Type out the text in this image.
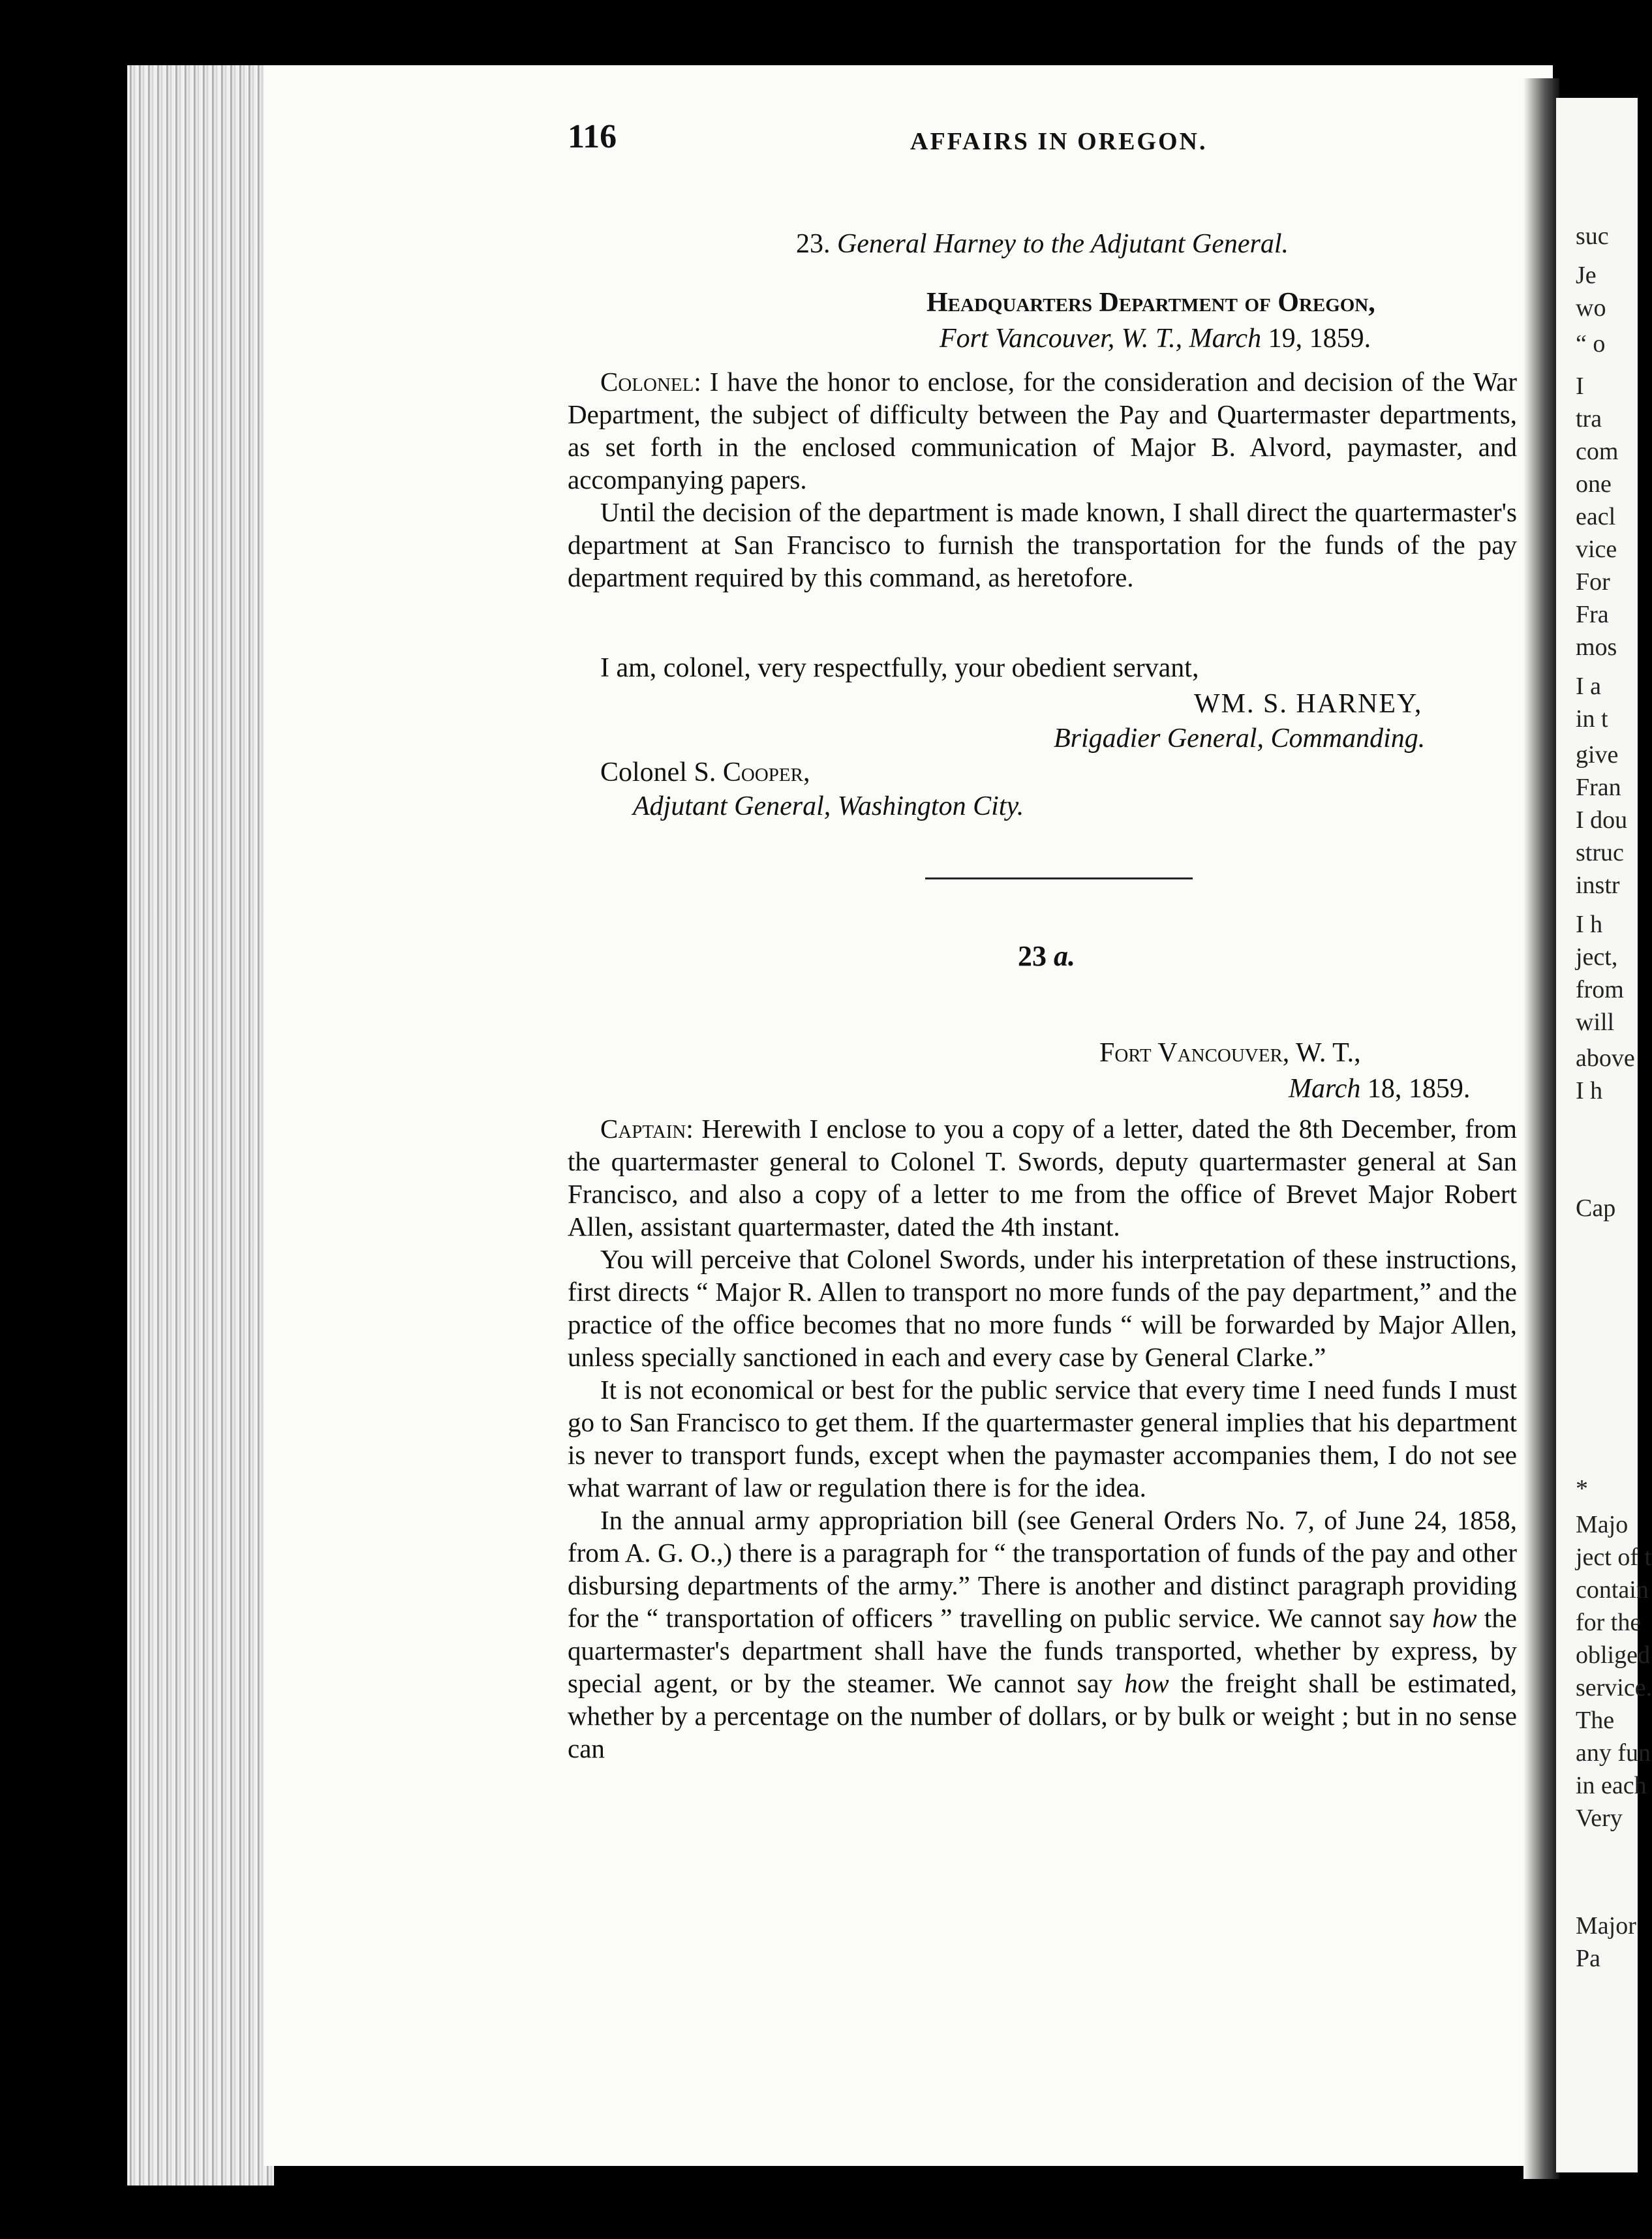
suc
Je
wo
“ o
I
tra
com
one
eacl
vice
For
Fra
mos
I a
in t
give
Fran
I dou
struc
instr
I h
ject,
from
will
above
I h
Cap
*
Majo
ject of t
contain
for the
obliged
service.
The
any fun
in each
Very
Major
Pa
116	AFFAIRS IN OREGON.
23. General Harney to the Adjutant General.
Headquarters Department of Oregon,
Fort Vancouver, W. T., March 19, 1859.

Colonel: I have the honor to enclose, for the consideration and decision of the War Department, the subject of difficulty between the Pay and Quartermaster departments, as set forth in the enclosed communication of Major B. Alvord, paymaster, and accompanying papers.

Until the decision of the department is made known, I shall direct the quartermaster's department at San Francisco to furnish the transportation for the funds of the pay department required by this command, as heretofore.

I am, colonel, very respectfully, your obedient servant,
WM. S. HARNEY,
Brigadier General, Commanding.
Colonel S. Cooper,
Adjutant General, Washington City.
23 a.
Fort Vancouver, W. T.,
March 18, 1859.

Captain: Herewith I enclose to you a copy of a letter, dated the 8th December, from the quartermaster general to Colonel T. Swords, deputy quartermaster general at San Francisco, and also a copy of a letter to me from the office of Brevet Major Robert Allen, assistant quartermaster, dated the 4th instant.

You will perceive that Colonel Swords, under his interpretation of these instructions, first directs “ Major R. Allen to transport no more funds of the pay department,” and the practice of the office becomes that no more funds “ will be forwarded by Major Allen, unless specially sanctioned in each and every case by General Clarke.”

It is not economical or best for the public service that every time I need funds I must go to San Francisco to get them. If the quartermaster general implies that his department is never to transport funds, except when the paymaster accompanies them, I do not see what warrant of law or regulation there is for the idea.

In the annual army appropriation bill (see General Orders No. 7, of June 24, 1858, from A. G. O.,) there is a paragraph for “ the transportation of funds of the pay and other disbursing departments of the army.” There is another and distinct paragraph providing for the “ transportation of officers ” travelling on public service. We cannot say how the quartermaster's department shall have the funds transported, whether by express, by special agent, or by the steamer. We cannot say how the freight shall be estimated, whether by a percentage on the number of dollars, or by bulk or weight ; but in no sense can
